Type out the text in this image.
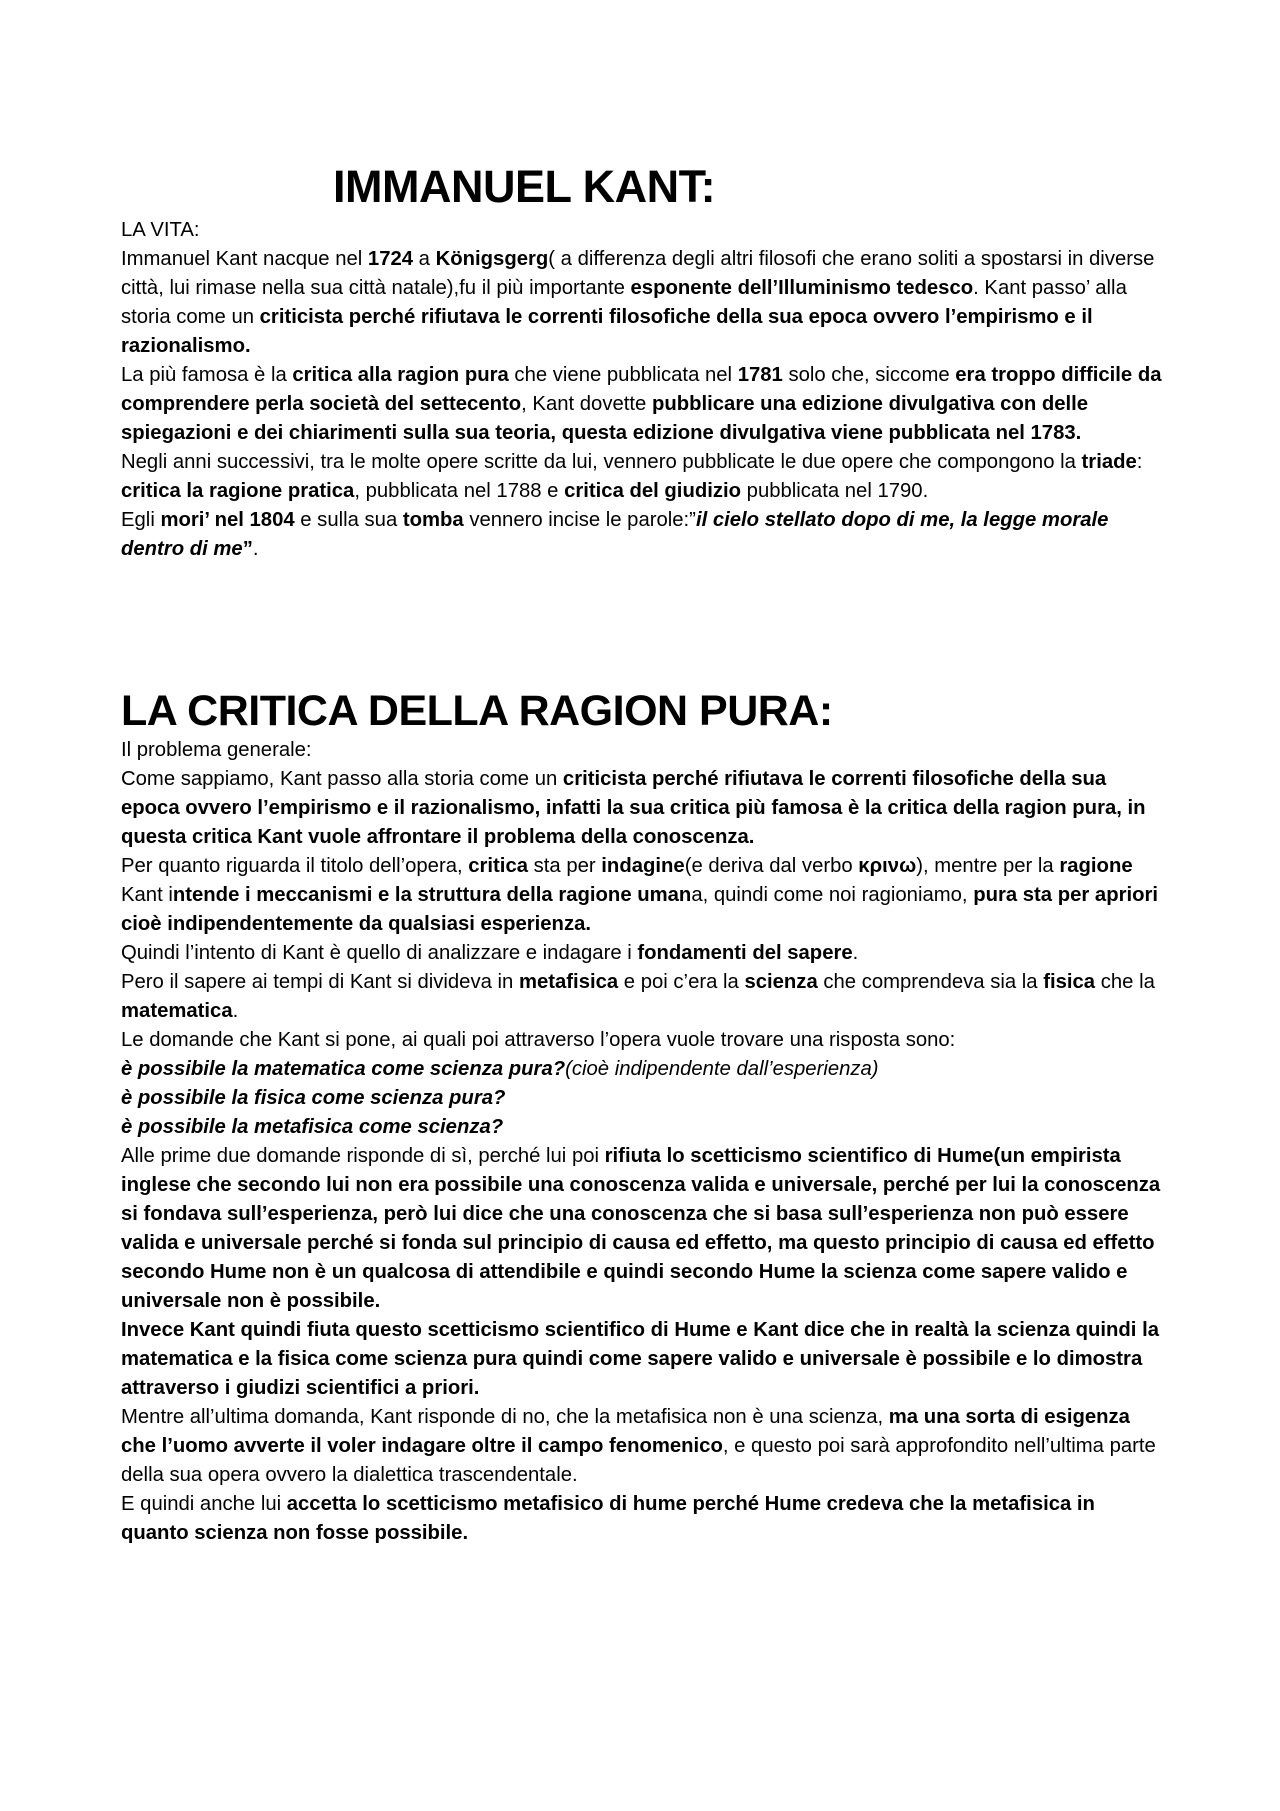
IMMANUEL KANT:

LA VITA:

Immanuel Kant nacque nel 1724 a Königsgerg( a differenza degli altri filosofi che erano soliti a spostarsi in diverse città, lui rimase nella sua città natale),fu il più importante esponente dell’Illuminismo tedesco. Kant passo’ alla storia come un criticista perché rifiutava le correnti filosofiche della sua epoca ovvero l’empirismo e il razionalismo.

La più famosa è la critica alla ragion pura che viene pubblicata nel 1781 solo che, siccome era troppo difficile da comprendere perla società del settecento, Kant dovette pubblicare una edizione divulgativa con delle spiegazioni e dei chiarimenti sulla sua teoria, questa edizione divulgativa viene pubblicata nel 1783.

Negli anni successivi, tra le molte opere scritte da lui, vennero pubblicate le due opere che compongono la triade: critica la ragione pratica, pubblicata nel 1788 e critica del giudizio pubblicata nel 1790.

Egli mori’ nel 1804 e sulla sua tomba vennero incise le parole:”il cielo stellato dopo di me, la legge morale dentro di me”.

LA CRITICA DELLA RAGION PURA:

Il problema generale:

Come sappiamo, Kant passo alla storia come un criticista perché rifiutava le correnti filosofiche della sua epoca ovvero l’empirismo e il razionalismo, infatti la sua critica più famosa è la critica della ragion pura, in questa critica Kant vuole affrontare il problema della conoscenza.

Per quanto riguarda il titolo dell’opera, critica sta per indagine(e deriva dal verbo κρινω), mentre per la ragione Kant intende i meccanismi e la struttura della ragione umana, quindi come noi ragioniamo, pura sta per apriori cioè indipendentemente da qualsiasi esperienza.

Quindi l’intento di Kant è quello di analizzare e indagare i fondamenti del sapere.

Pero il sapere ai tempi di Kant si divideva in metafisica e poi c’era la scienza che comprendeva sia la fisica che la matematica.

Le domande che Kant si pone, ai quali poi attraverso l’opera vuole trovare una risposta sono:

è possibile la matematica come scienza pura?(cioè indipendente dall’esperienza)

è possibile la fisica come scienza pura?

è possibile la metafisica come scienza?

Alle prime due domande risponde di sì, perché lui poi rifiuta lo scetticismo scientifico di Hume(un empirista inglese che secondo lui non era possibile una conoscenza valida e universale, perché per lui la conoscenza si fondava sull’esperienza, però lui dice che una conoscenza che si basa sull’esperienza non può essere valida e universale perché si fonda sul principio di causa ed effetto, ma questo principio di causa ed effetto secondo Hume non è un qualcosa di attendibile e quindi secondo Hume la scienza come sapere valido e universale non è possibile.

Invece Kant quindi fiuta questo scetticismo scientifico di Hume e Kant dice che in realtà la scienza quindi la matematica e la fisica come scienza pura quindi come sapere valido e universale è possibile e lo dimostra attraverso i giudizi scientifici a priori.

Mentre all’ultima domanda, Kant risponde di no, che la metafisica non è una scienza, ma una sorta di esigenza che l’uomo avverte il voler indagare oltre il campo fenomenico, e questo poi sarà approfondito nell’ultima parte della sua opera ovvero la dialettica trascendentale.

E quindi anche lui accetta lo scetticismo metafisico di hume perché Hume credeva che la metafisica in quanto scienza non fosse possibile.
